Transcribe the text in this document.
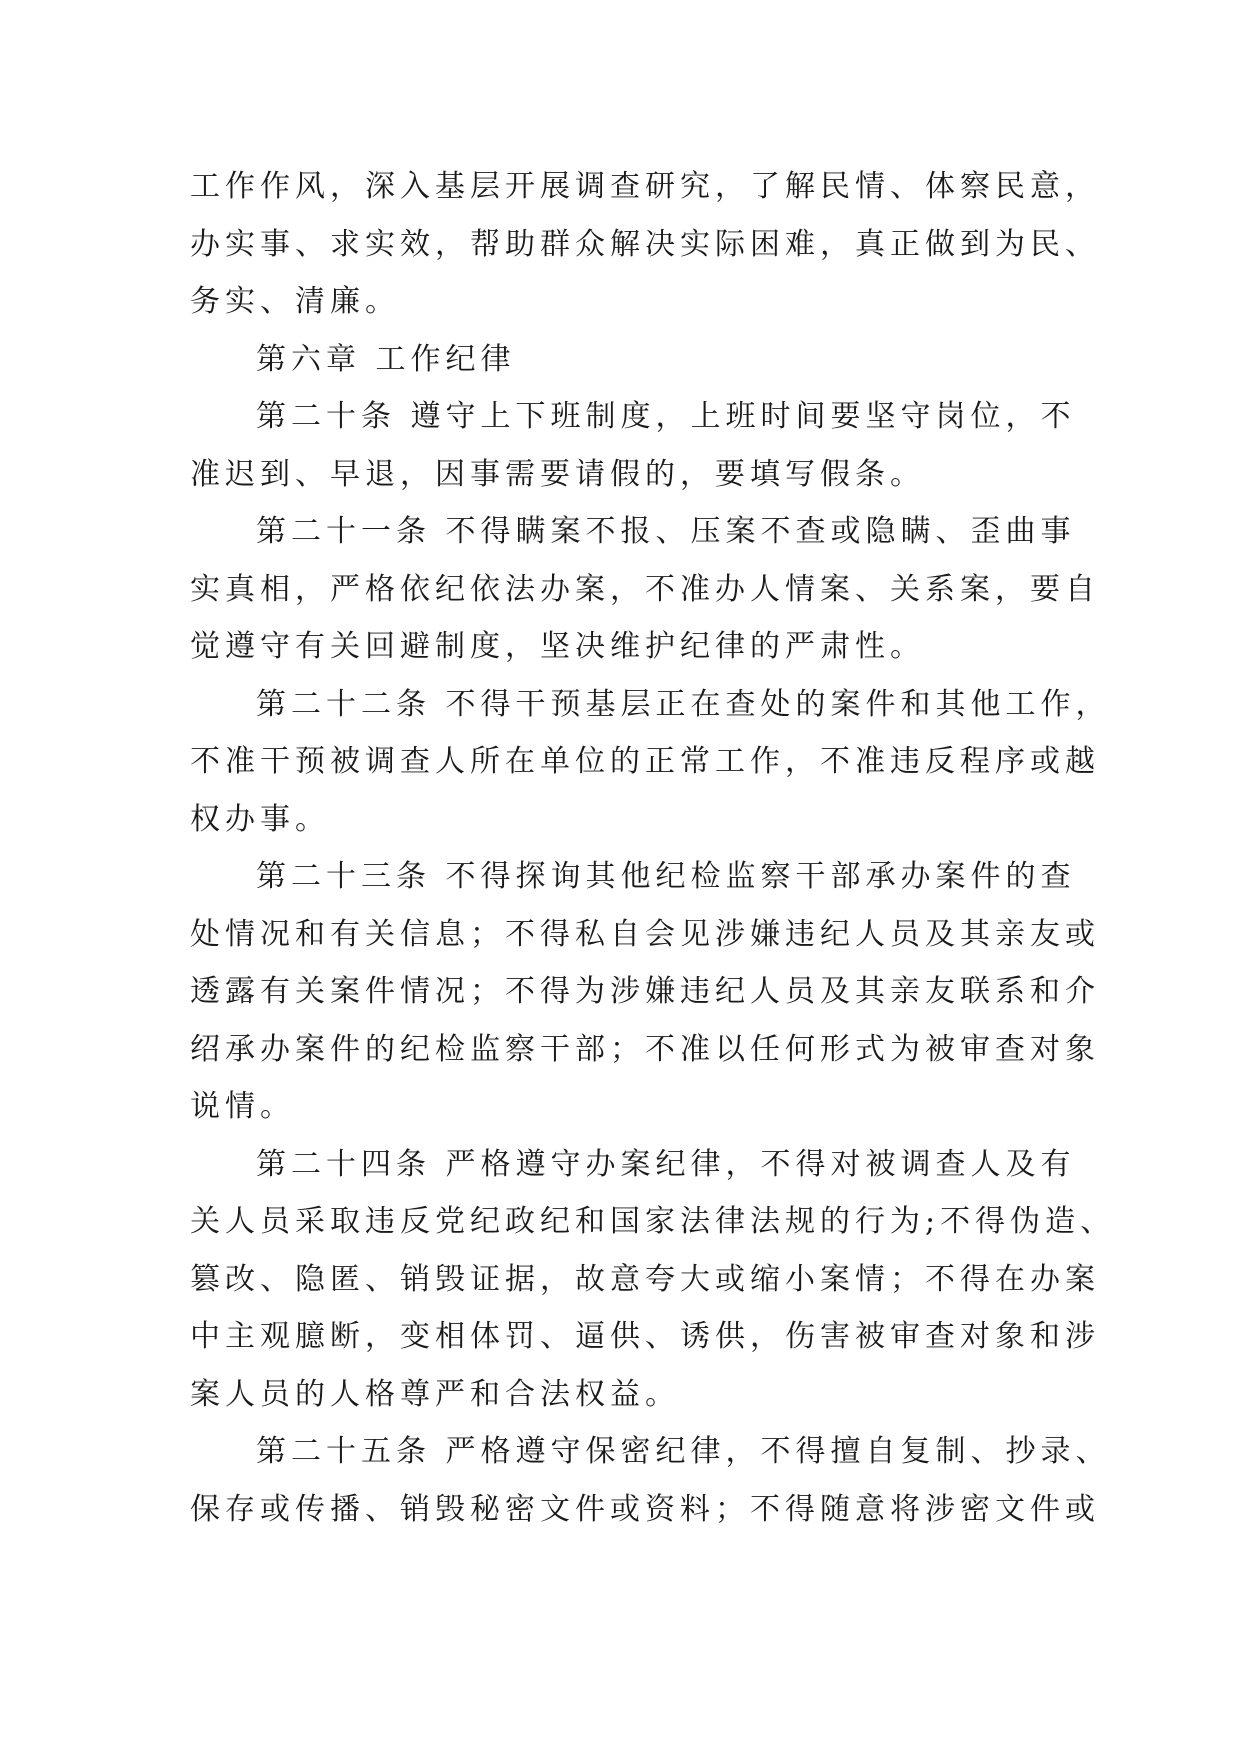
工作作风，深入基层开展调查研究，了解民情、体察民意，
办实事、求实效，帮助群众解决实际困难，真正做到为民、
务实、清廉。
第六章 工作纪律
第二十条 遵守上下班制度，上班时间要坚守岗位，不
准迟到、早退，因事需要请假的，要填写假条。
第二十一条 不得瞒案不报、压案不查或隐瞒、歪曲事
实真相，严格依纪依法办案，不准办人情案、关系案，要自
觉遵守有关回避制度，坚决维护纪律的严肃性。
第二十二条 不得干预基层正在查处的案件和其他工作，
不准干预被调查人所在单位的正常工作，不准违反程序或越
权办事。
第二十三条 不得探询其他纪检监察干部承办案件的查
处情况和有关信息；不得私自会见涉嫌违纪人员及其亲友或
透露有关案件情况；不得为涉嫌违纪人员及其亲友联系和介
绍承办案件的纪检监察干部；不准以任何形式为被审查对象
说情。
第二十四条 严格遵守办案纪律，不得对被调查人及有
关人员采取违反党纪政纪和国家法律法规的行为;不得伪造、
篡改、隐匿、销毁证据，故意夸大或缩小案情；不得在办案
中主观臆断，变相体罚、逼供、诱供，伤害被审查对象和涉
案人员的人格尊严和合法权益。
第二十五条 严格遵守保密纪律，不得擅自复制、抄录、
保存或传播、销毁秘密文件或资料；不得随意将涉密文件或
